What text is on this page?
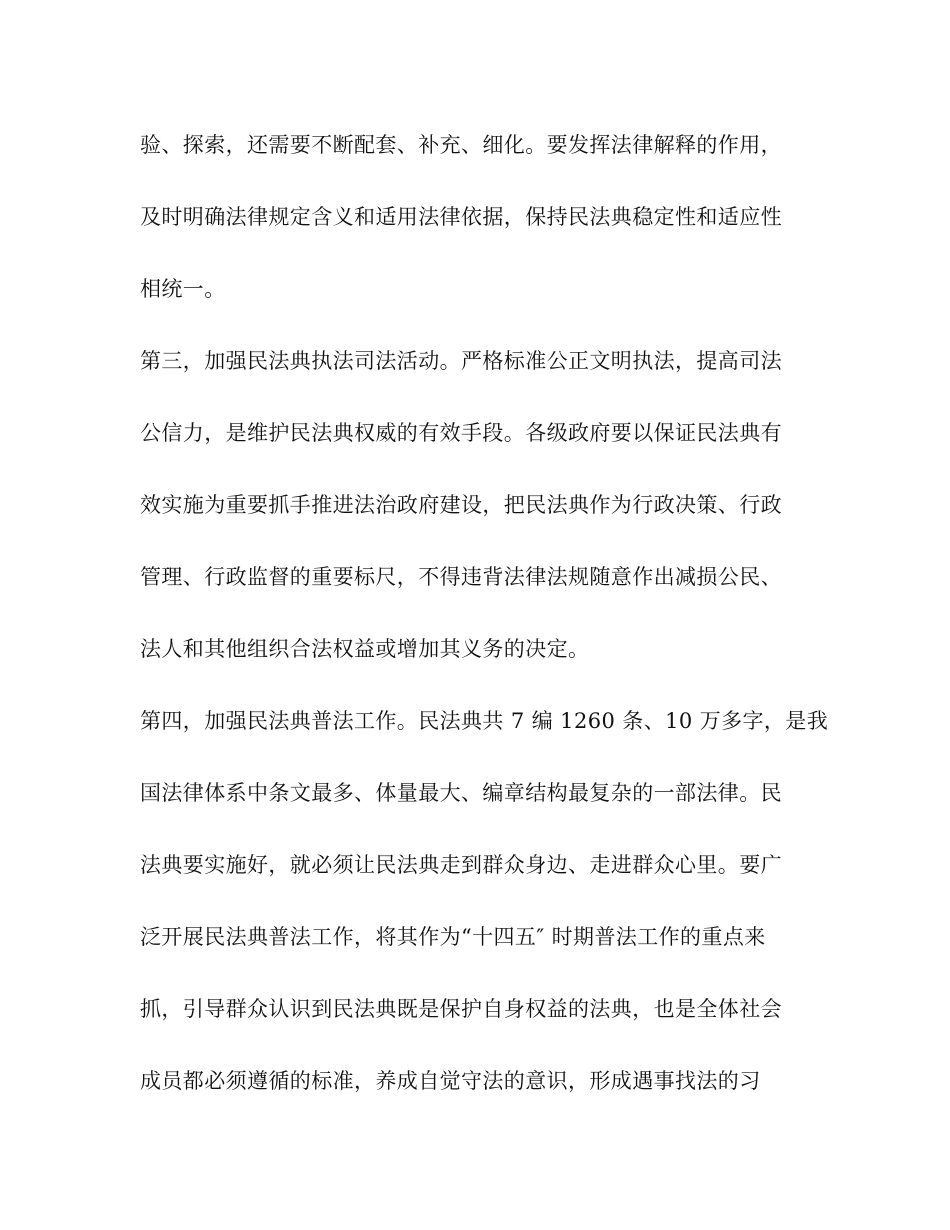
验、探索，还需要不断配套、补充、细化。要发挥法律解释的作用，
及时明确法律规定含义和适用法律依据，保持民法典稳定性和适应性
相统一。
第三，加强民法典执法司法活动。严格标准公正文明执法，提高司法
公信力，是维护民法典权威的有效手段。各级政府要以保证民法典有
效实施为重要抓手推进法治政府建设，把民法典作为行政决策、行政
管理、行政监督的重要标尺，不得违背法律法规随意作出减损公民、
法人和其他组织合法权益或增加其义务的决定。
第四，加强民法典普法工作。民法典共 7 编 1260 条、10 万多字，是我
国法律体系中条文最多、体量最大、编章结构最复杂的一部法律。民
法典要实施好，就必须让民法典走到群众身边、走进群众心里。要广
泛开展民法典普法工作，将其作为“十四五″ 时期普法工作的重点来
抓，引导群众认识到民法典既是保护自身权益的法典，也是全体社会
成员都必须遵循的标准，养成自觉守法的意识，形成遇事找法的习
